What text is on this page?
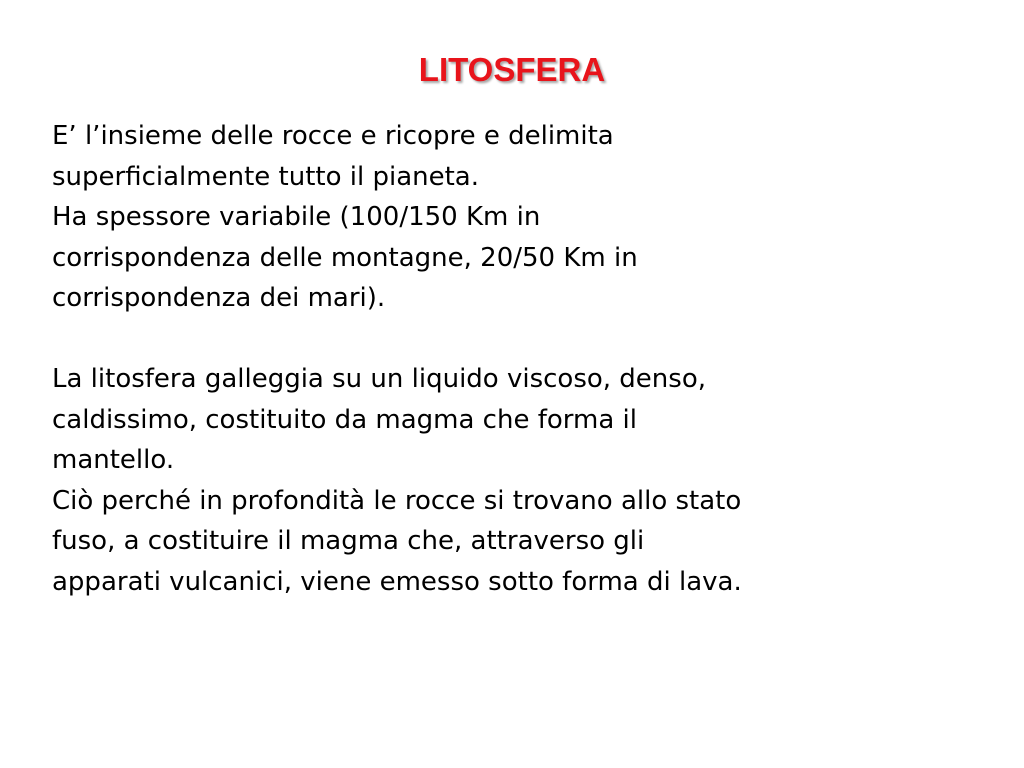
LITOSFERA
E’ l’insieme delle rocce e ricopre e delimita
superficialmente tutto il pianeta.
Ha spessore variabile (100/150 Km in
corrispondenza delle montagne, 20/50 Km in
corrispondenza dei mari).
La litosfera galleggia su un liquido viscoso, denso,
caldissimo, costituito da magma che forma il
mantello.
Ciò perché in profondità le rocce si trovano allo stato
fuso, a costituire il magma che, attraverso gli
apparati vulcanici, viene emesso sotto forma di lava.
